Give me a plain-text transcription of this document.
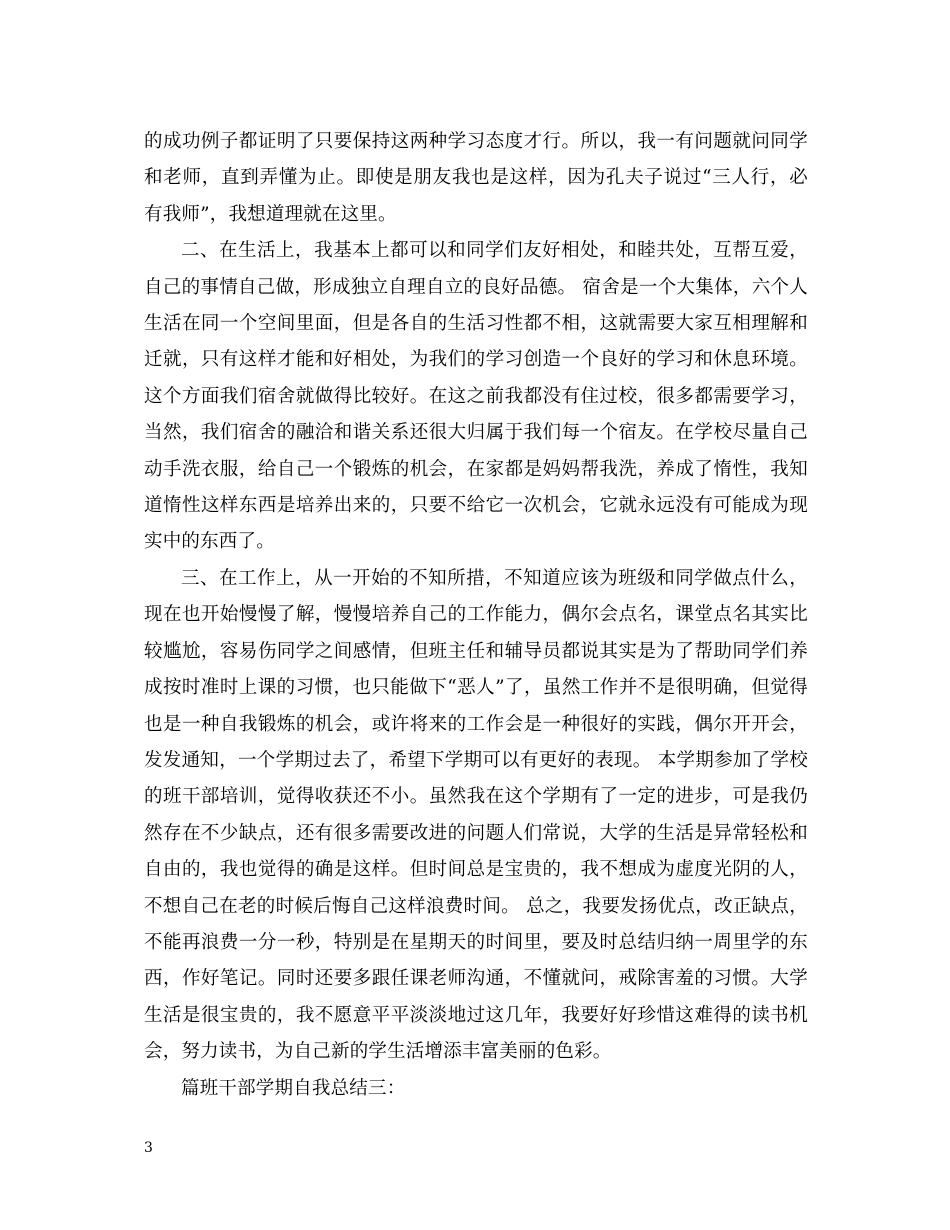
的成功例子都证明了只要保持这两种学习态度才行。所以，我一有问题就问同学和老师，直到弄懂为止。即使是朋友我也是这样，因为孔夫子说过“三人行，必有我师”，我想道理就在这里。

二、在生活上，我基本上都可以和同学们友好相处，和睦共处，互帮互爱，自己的事情自己做，形成独立自理自立的良好品德。 宿舍是一个大集体，六个人生活在同一个空间里面，但是各自的生活习性都不相，这就需要大家互相理解和迁就，只有这样才能和好相处，为我们的学习创造一个良好的学习和休息环境。这个方面我们宿舍就做得比较好。在这之前我都没有住过校，很多都需要学习，当然，我们宿舍的融洽和谐关系还很大归属于我们每一个宿友。在学校尽量自己动手洗衣服，给自己一个锻炼的机会，在家都是妈妈帮我洗，养成了惰性，我知道惰性这样东西是培养出来的，只要不给它一次机会，它就永远没有可能成为现实中的东西了。

三、在工作上，从一开始的不知所措，不知道应该为班级和同学做点什么，现在也开始慢慢了解，慢慢培养自己的工作能力，偶尔会点名，课堂点名其实比较尴尬，容易伤同学之间感情，但班主任和辅导员都说其实是为了帮助同学们养成按时准时上课的习惯，也只能做下“恶人”了，虽然工作并不是很明确，但觉得也是一种自我锻炼的机会，或许将来的工作会是一种很好的实践，偶尔开开会，发发通知，一个学期过去了，希望下学期可以有更好的表现。 本学期参加了学校的班干部培训，觉得收获还不小。虽然我在这个学期有了一定的进步，可是我仍然存在不少缺点，还有很多需要改进的问题人们常说，大学的生活是异常轻松和自由的，我也觉得的确是这样。但时间总是宝贵的，我不想成为虚度光阴的人，不想自己在老的时候后悔自己这样浪费时间。 总之，我要发扬优点，改正缺点，不能再浪费一分一秒，特别是在星期天的时间里，要及时总结归纳一周里学的东西，作好笔记。同时还要多跟任课老师沟通，不懂就问，戒除害羞的习惯。大学生活是很宝贵的，我不愿意平平淡淡地过这几年，我要好好珍惜这难得的读书机会，努力读书，为自己新的学生活增添丰富美丽的色彩。

篇班干部学期自我总结三：

3
